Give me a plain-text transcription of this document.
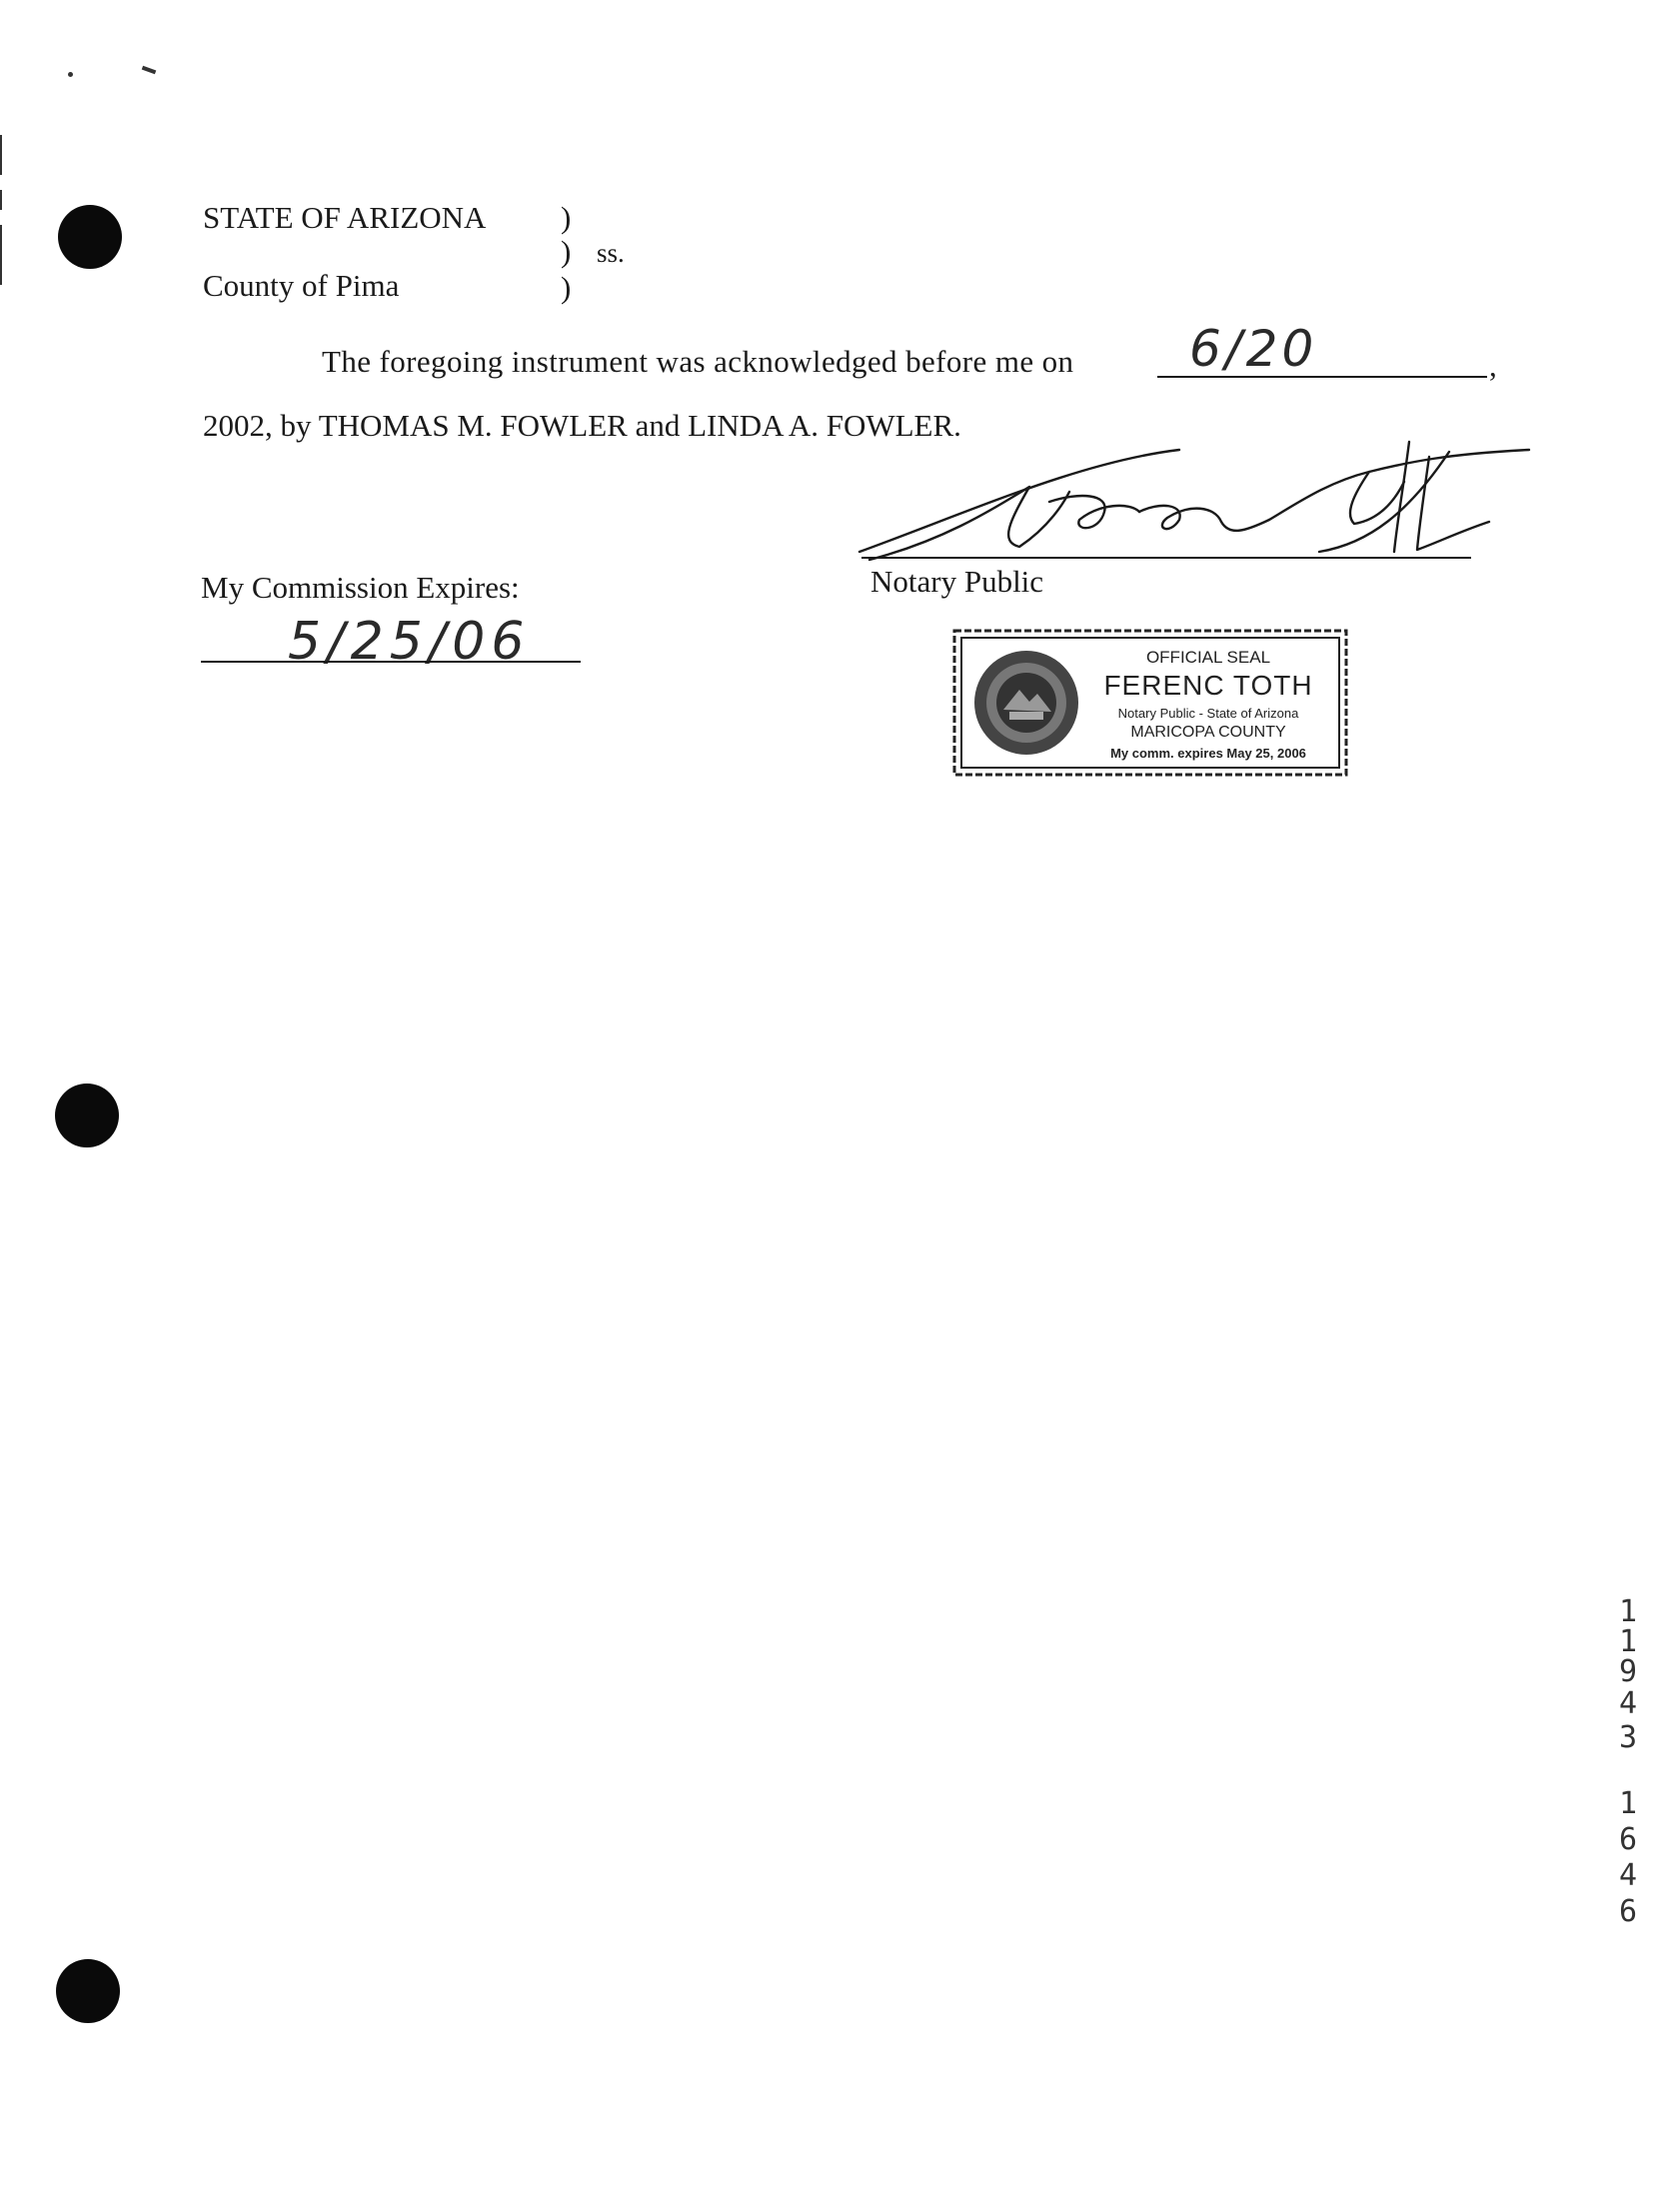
STATE OF ARIZONA
County of Pima
)
)
)
ss.
The foregoing instrument was acknowledged before me on 6/20	,
2002, by THOMAS M. FOWLER and LINDA A. FOWLER.
Notary Public
My Commission Expires:
5/25/06	OFFICIAL SEAL
FERENC TOTH
Notary Public - State of Arizona
MARICOPA COUNTY
My comm. expires May 25, 2006
1
1
9
4
3
1
6
4
6
